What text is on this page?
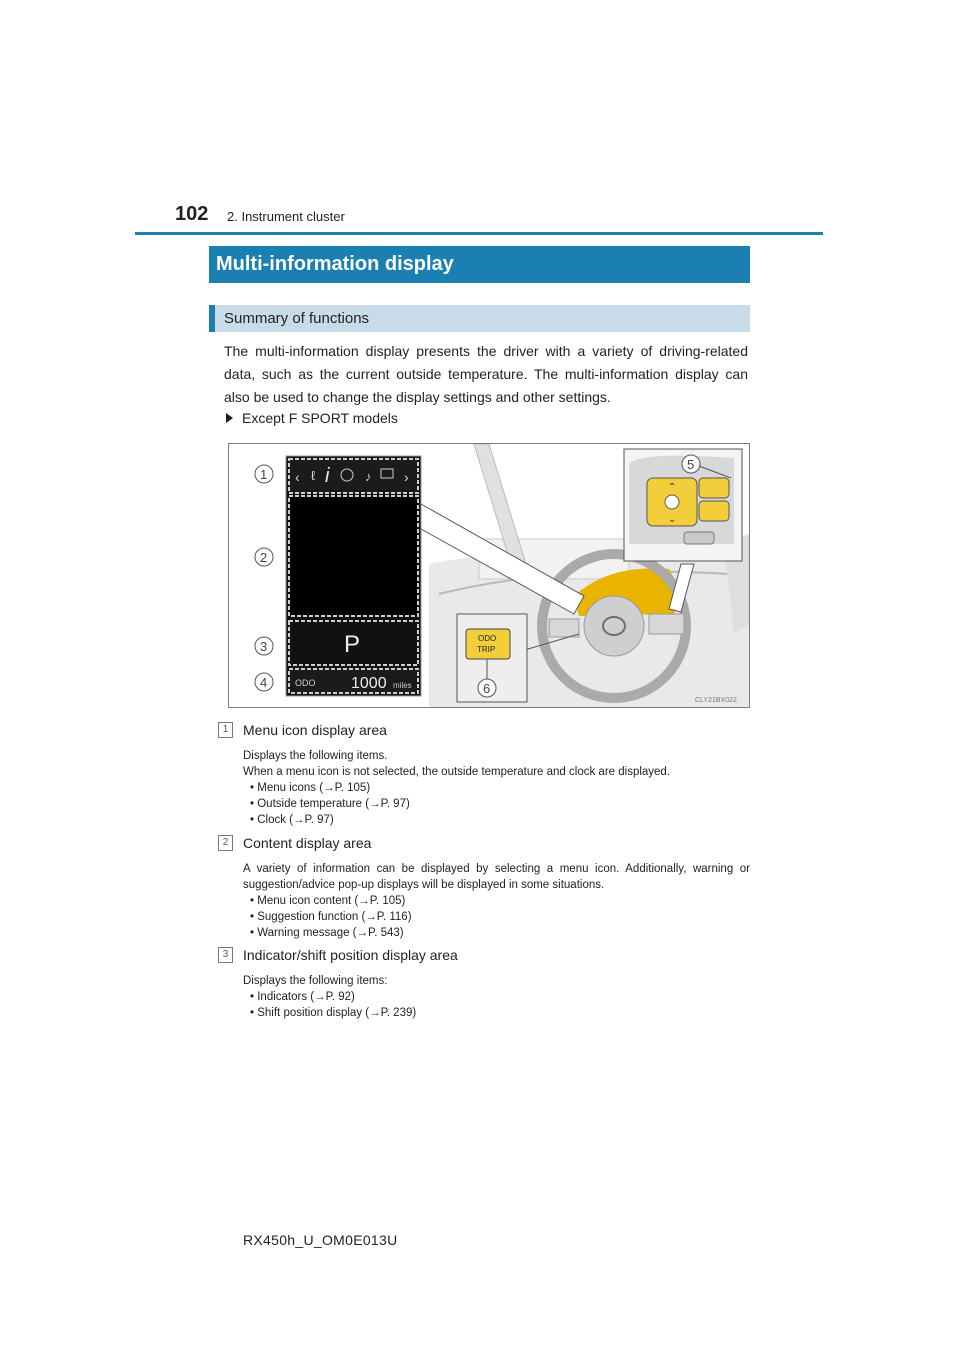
102 2. Instrument cluster
Multi-information display
Summary of functions
The multi-information display presents the driver with a variety of driving-related data, such as the current outside temperature. The multi-information display can also be used to change the display settings and other settings.
Except F SPORT models
‹ ℓ i	♪ ›
P
ODO 1000 miles
1
2
3
4
⌃
⌄
5
ODO
TRIP
6
CLY21BX022
1	Menu icon display area
Displays the following items.
When a menu icon is not selected, the outside temperature and clock are displayed.
• Menu icons (→P. 105)
• Outside temperature (→P. 97)
• Clock (→P. 97)
2	Content display area
A variety of information can be displayed by selecting a menu icon. Additionally, warning or suggestion/advice pop-up displays will be displayed in some situations.
• Menu icon content (→P. 105)
• Suggestion function (→P. 116)
• Warning message (→P. 543)
3	Indicator/shift position display area
Displays the following items:
• Indicators (→P. 92)
• Shift position display (→P. 239)
RX450h_U_OM0E013U
